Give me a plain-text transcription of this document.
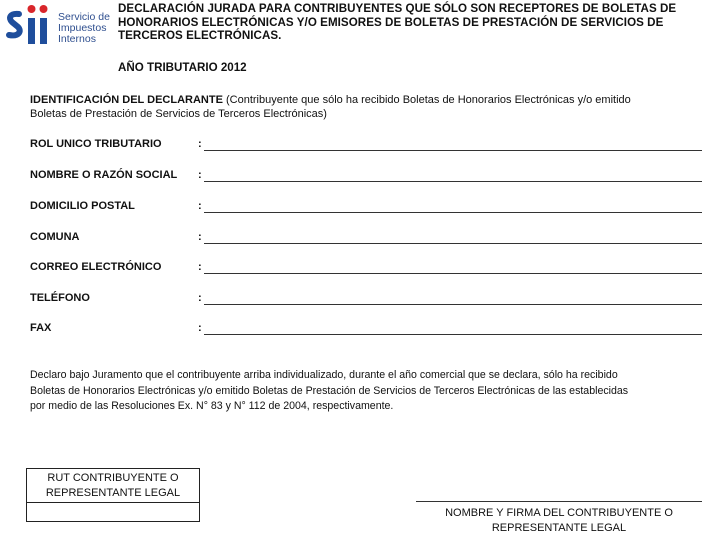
Servicio de
Impuestos
Internos
DECLARACIÓN JURADA PARA CONTRIBUYENTES QUE SÓLO SON RECEPTORES DE BOLETAS DE
HONORARIOS ELECTRÓNICAS Y/O EMISORES DE BOLETAS DE PRESTACIÓN DE SERVICIOS DE
TERCEROS ELECTRÓNICAS.
AÑO TRIBUTARIO 2012
IDENTIFICACIÓN DEL DECLARANTE (Contribuyente que sólo ha recibido Boletas de Honorarios Electrónicas y/o emitido
Boletas de Prestación de Servicios de Terceros Electrónicas)
ROL UNICO TRIBUTARIO	:
NOMBRE O RAZÓN SOCIAL :
DOMICILIO POSTAL	:
COMUNA	:
CORREO ELECTRÓNICO	:
TELÉFONO	:
FAX	:
Declaro bajo Juramento que el contribuyente arriba individualizado, durante el año comercial que se declara, sólo ha recibido
Boletas de Honorarios Electrónicas y/o emitido Boletas de Prestación de Servicios de Terceros Electrónicas de las establecidas
por medio de las Resoluciones Ex. N° 83 y N° 112 de 2004, respectivamente.
RUT CONTRIBUYENTE O
REPRESENTANTE LEGAL
NOMBRE Y FIRMA DEL CONTRIBUYENTE O
REPRESENTANTE LEGAL
